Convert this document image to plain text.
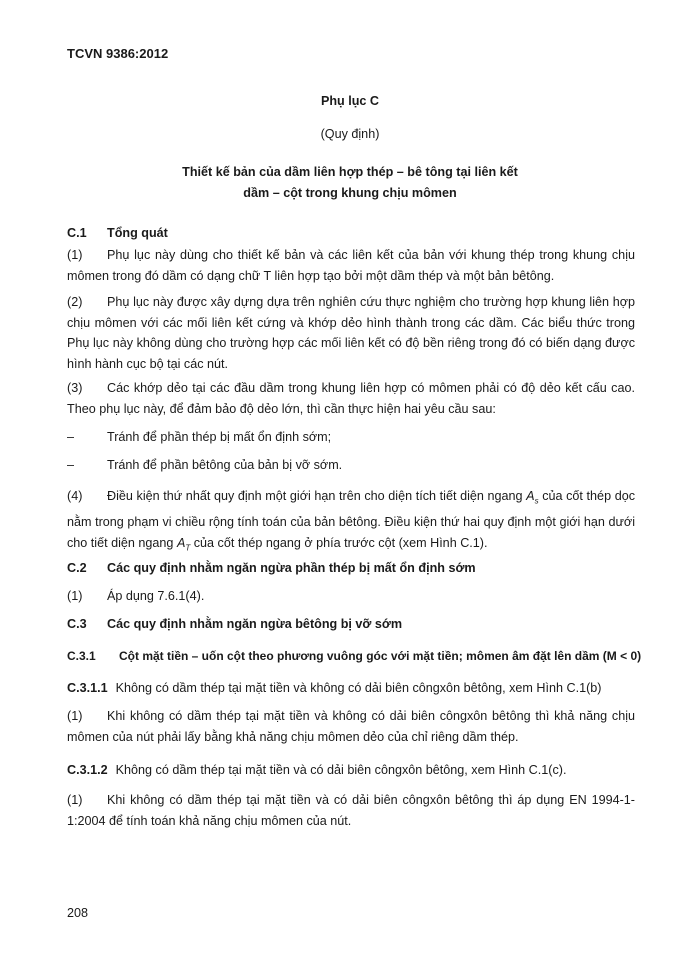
TCVN 9386:2012
Phụ lục C
(Quy định)
Thiết kế bản của dầm liên hợp thép – bê tông tại liên kết
dầm – cột trong khung chịu mômen
C.1 Tổng quát
(1) Phụ lục này dùng cho thiết kế bản và các liên kết của bản với khung thép trong khung chịu mômen trong đó dầm có dạng chữ T liên hợp tạo bởi một dầm thép và một bản bêtông.
(2) Phụ lục này được xây dựng dựa trên nghiên cứu thực nghiệm cho trường hợp khung liên hợp chịu mômen với các mối liên kết cứng và khớp dẻo hình thành trong các dầm. Các biểu thức trong Phụ lục này không dùng cho trường hợp các mối liên kết có độ bền riêng trong đó có biến dạng được hình hành cục bộ tại các nút.
(3) Các khớp dẻo tại các đầu dầm trong khung liên hợp có mômen phải có độ dẻo kết cấu cao. Theo phụ lục này, để đảm bảo độ dẻo lớn, thì cần thực hiện hai yêu cầu sau:
–	Tránh để phần thép bị mất ổn định sớm;
–	Tránh để phần bêtông của bản bị vỡ sớm.
(4) Điều kiện thứ nhất quy định một giới hạn trên cho diện tích tiết diện ngang $A_s$ của cốt thép dọc nằm trong phạm vi chiều rộng tính toán của bản bêtông. Điều kiện thứ hai quy định một giới hạn dưới cho tiết diện ngang $A_T$ của cốt thép ngang ở phía trước cột (xem Hình C.1).
C.2 Các quy định nhằm ngăn ngừa phần thép bị mất ổn định sớm
(1) Áp dụng 7.6.1(4).
C.3 Các quy định nhằm ngăn ngừa bêtông bị vỡ sớm
C.3.1 Cột mặt tiền – uốn cột theo phương vuông góc với mặt tiền; mômen âm đặt lên dầm (M < 0)
C.3.1.1 Không có dầm thép tại mặt tiền và không có dải biên côngxôn bêtông, xem Hình C.1(b)
(1) Khi không có dầm thép tại mặt tiền và không có dải biên côngxôn bêtông thì khả năng chịu mômen của nút phải lấy bằng khả năng chịu mômen dẻo của chỉ riêng dầm thép.
C.3.1.2 Không có dầm thép tại mặt tiền và có dải biên côngxôn bêtông, xem Hình C.1(c).
(1) Khi không có dầm thép tại mặt tiền và có dải biên côngxôn bêtông thì áp dụng EN 1994-1-1:2004 để tính toán khả năng chịu mômen của nút.
208
